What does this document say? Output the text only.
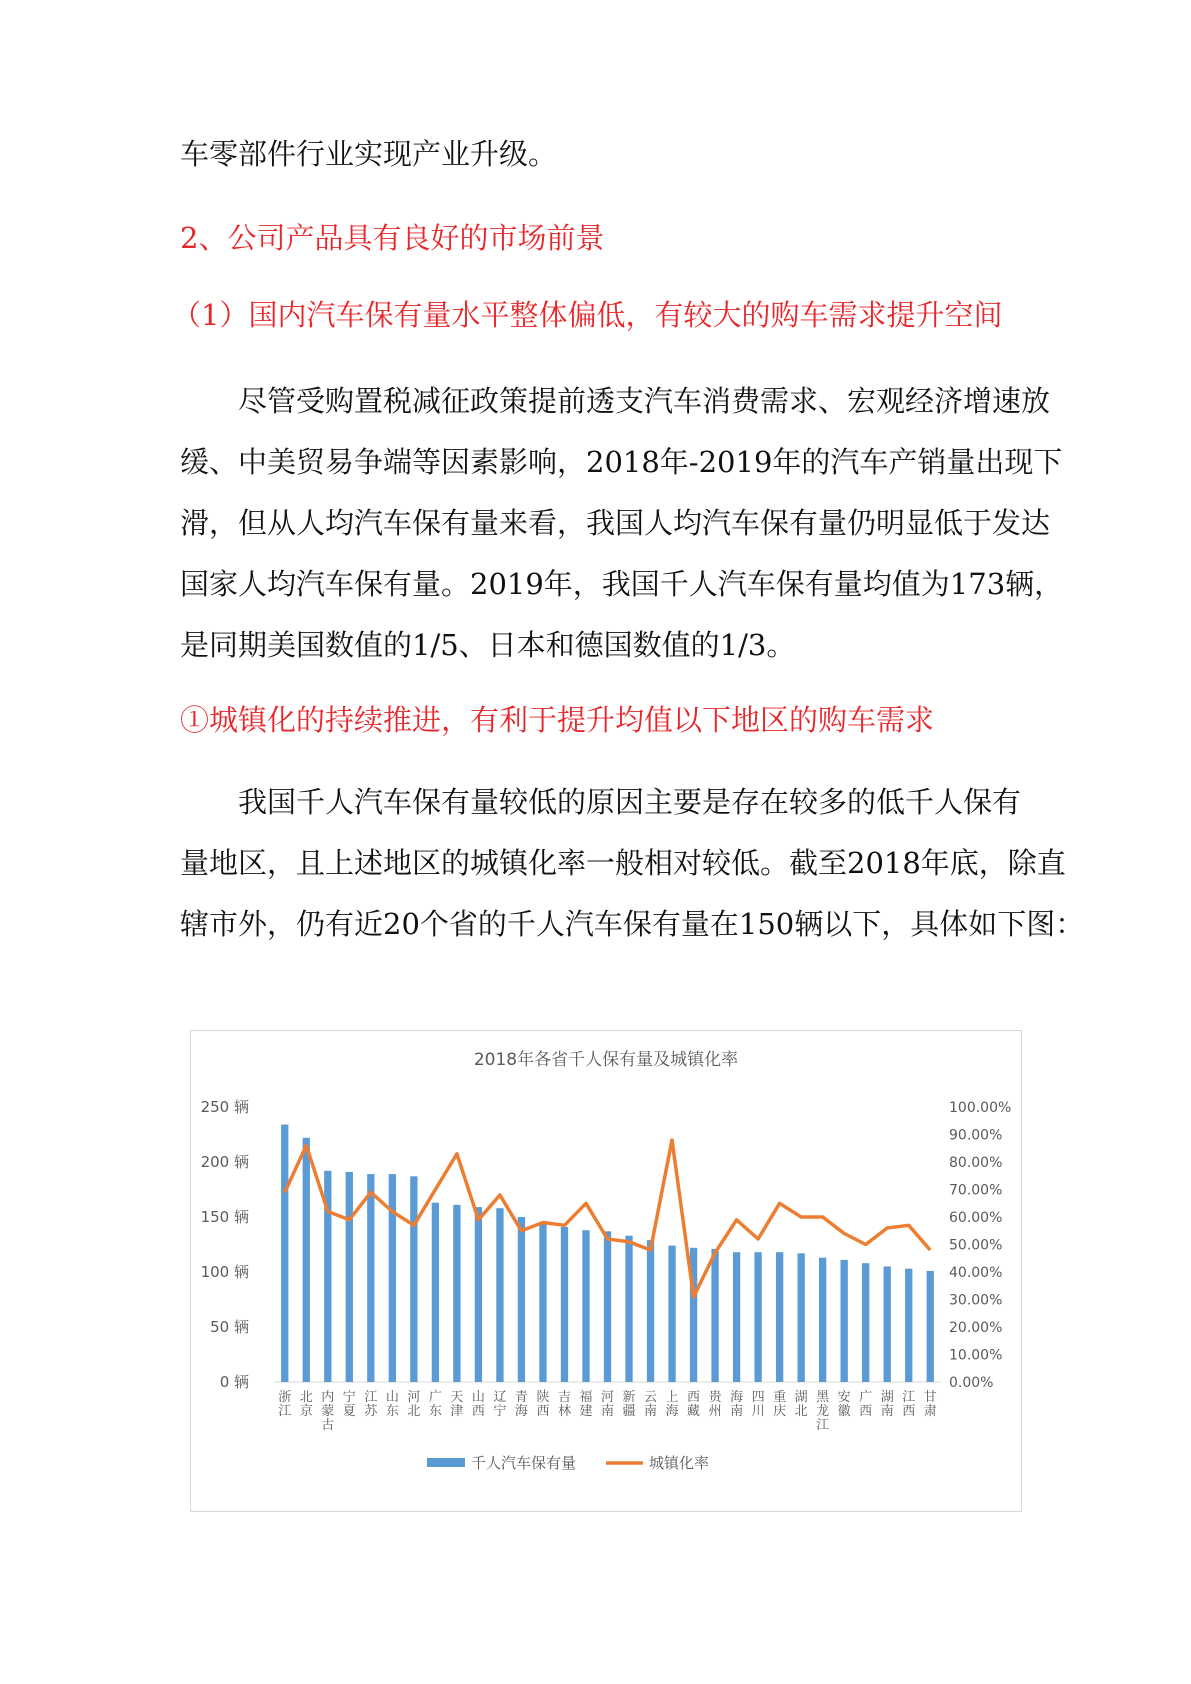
车零部件行业实现产业升级。

2、公司产品具有良好的市场前景

（1）国内汽车保有量水平整体偏低，有较大的购车需求提升空间

　　尽管受购置税减征政策提前透支汽车消费需求、宏观经济增速放

缓、中美贸易争端等因素影响，2018年-2019年的汽车产销量出现下

滑，但从人均汽车保有量来看，我国人均汽车保有量仍明显低于发达

国家人均汽车保有量。2019年，我国千人汽车保有量均值为173辆，

是同期美国数值的1/5、日本和德国数值的1/3。

①城镇化的持续推进，有利于提升均值以下地区的购车需求

　　我国千人汽车保有量较低的原因主要是存在较多的低千人保有

量地区，且上述地区的城镇化率一般相对较低。截至2018年底，除直

辖市外，仍有近20个省的千人汽车保有量在150辆以下，具体如下图：

2018年各省千人保有量及城镇化率
0 辆
50 辆
100 辆
150 辆
200 辆
250 辆
0.00%
10.00%
20.00%
30.00%
40.00%
50.00%
60.00%
70.00%
80.00%
90.00%
100.00%
浙江
北京
内蒙古
宁夏
江苏
山东
河北
广东
天津
山西
辽宁
青海
陕西
吉林
福建
河南
新疆
云南
上海
西藏
贵州
海南
四川
重庆
湖北
黑龙江
安徽
广西
湖南
江西
甘肃
千人汽车保有量	城镇化率
